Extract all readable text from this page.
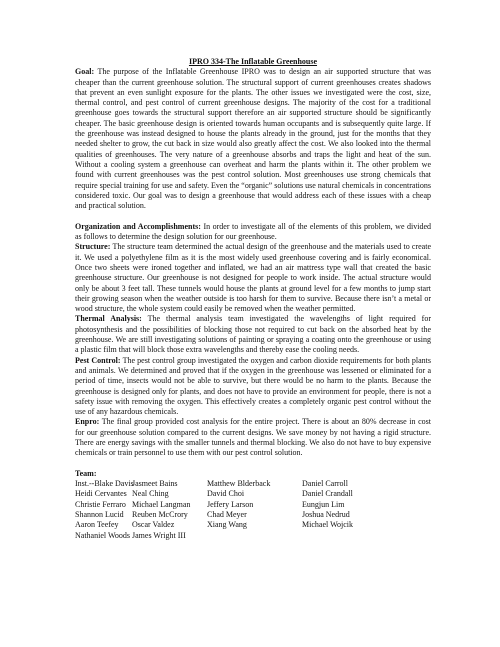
IPRO 334-The Inflatable Greenhouse

Goal: The purpose of the Inflatable Greenhouse IPRO was to design an air supported structure that was cheaper than the current greenhouse solution. The structural support of current greenhouses creates shadows that prevent an even sunlight exposure for the plants. The other issues we investigated were the cost, size, thermal control, and pest control of current greenhouse designs. The majority of the cost for a traditional greenhouse goes towards the structural support therefore an air supported structure should be significantly cheaper. The basic greenhouse design is oriented towards human occupants and is subsequently quite large. If the greenhouse was instead designed to house the plants already in the ground, just for the months that they needed shelter to grow, the cut back in size would also greatly affect the cost. We also looked into the thermal qualities of greenhouses. The very nature of a greenhouse absorbs and traps the light and heat of the sun. Without a cooling system a greenhouse can overheat and harm the plants within it. The other problem we found with current greenhouses was the pest control solution. Most greenhouses use strong chemicals that require special training for use and safety. Even the “organic” solutions use natural chemicals in concentrations considered toxic. Our goal was to design a greenhouse that would address each of these issues with a cheap and practical solution.

Organization and Accomplishments: In order to investigate all of the elements of this problem, we divided as follows to determine the design solution for our greenhouse.

Structure: The structure team determined the actual design of the greenhouse and the materials used to create it. We used a polyethylene film as it is the most widely used greenhouse covering and is fairly economical. Once two sheets were ironed together and inflated, we had an air mattress type wall that created the basic greenhouse structure. Our greenhouse is not designed for people to work inside. The actual structure would only be about 3 feet tall. These tunnels would house the plants at ground level for a few months to jump start their growing season when the weather outside is too harsh for them to survive. Because there isn’t a metal or wood structure, the whole system could easily be removed when the weather permitted.

Thermal Analysis: The thermal analysis team investigated the wavelengths of light required for photosynthesis and the possibilities of blocking those not required to cut back on the absorbed heat by the greenhouse. We are still investigating solutions of painting or spraying a coating onto the greenhouse or using a plastic film that will block those extra wavelengths and thereby ease the cooling needs.

Pest Control: The pest control group investigated the oxygen and carbon dioxide requirements for both plants and animals. We determined and proved that if the oxygen in the greenhouse was lessened or eliminated for a period of time, insects would not be able to survive, but there would be no harm to the plants. Because the greenhouse is designed only for plants, and does not have to provide an environment for people, there is not a safety issue with removing the oxygen. This effectively creates a completely organic pest control without the use of any hazardous chemicals.

Enpro: The final group provided cost analysis for the entire project. There is about an 80% decrease in cost for our greenhouse solution compared to the current designs. We save money by not having a rigid structure. There are energy savings with the smaller tunnels and thermal blocking. We also do not have to buy expensive chemicals or train personnel to use them with our pest control solution.

Team:

Inst.--Blake Davis
Heidi Cervantes
Christie Ferraro
Shannon Lucid
Aaron Teefey
Nathaniel Woods
Jasmeet Bains
Neal Ching
Michael Langman
Reuben McCrory
Oscar Valdez
James Wright III
Matthew Blderback
David Choi
Jeffery Larson
Chad Meyer
Xiang Wang
Daniel Carroll
Daniel Crandall
Eungjun Lim
Joshua Nedrud
Michael Wojcik
